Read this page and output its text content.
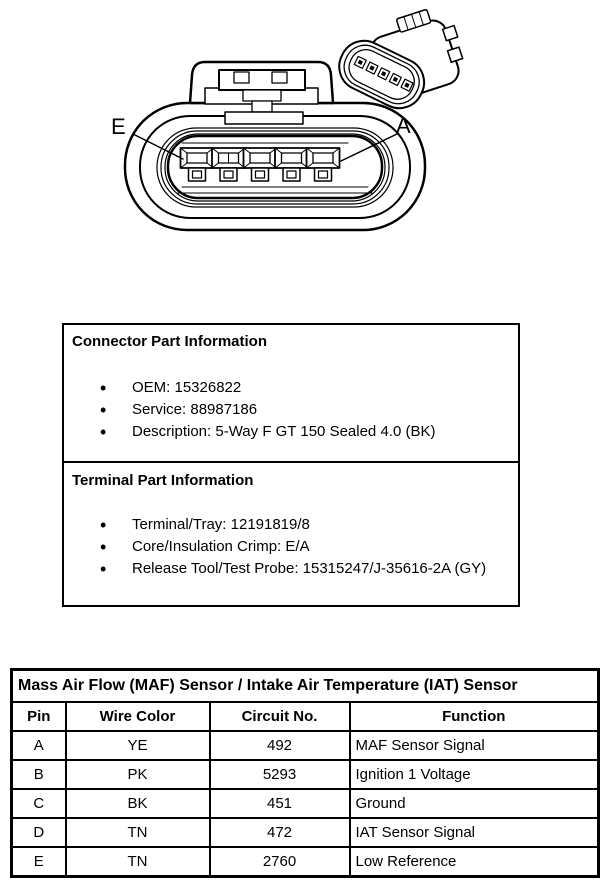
E	A
Connector Part Information
• OEM: 15326822
• Service: 88987186
• Description: 5-Way F GT 150 Sealed 4.0 (BK)
Terminal Part Information
• Terminal/Tray: 12191819/8
• Core/Insulation Crimp: E/A
• Release Tool/Test Probe: 15315247/J-35616-2A (GY)
Mass Air Flow (MAF) Sensor / Intake Air Temperature (IAT) Sensor			
Pin	Wire Color	Circuit No.	Function
A	YE	492	MAF Sensor Signal
B	PK	5293	Ignition 1 Voltage
C	BK	451	Ground
D	TN	472	IAT Sensor Signal
E	TN	2760	Low Reference
